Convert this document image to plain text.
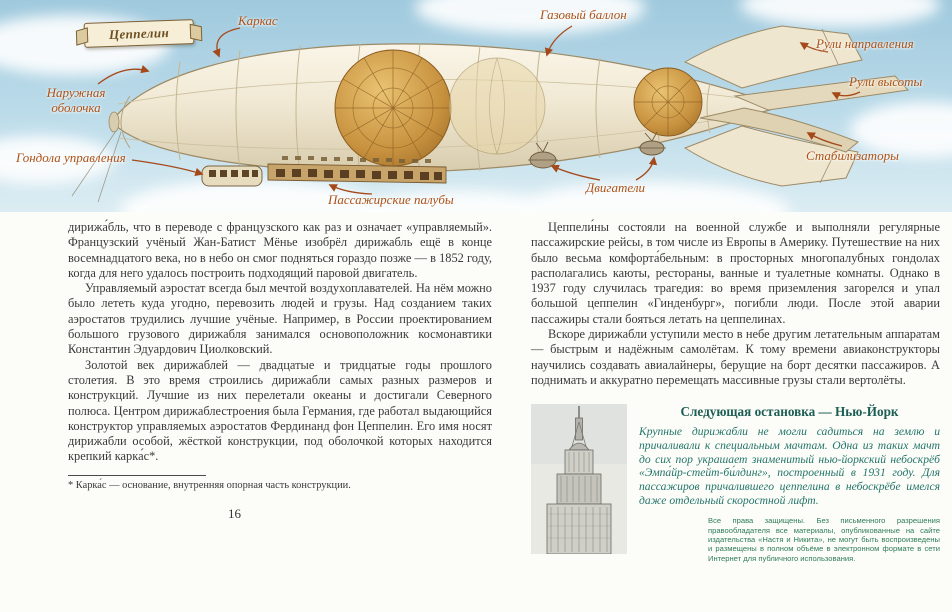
Цеппелин
Каркас	Газовый баллон
Рули направления
Рули высоты
Наружная оболочка
Гондола управления
Пассажирские палубы
Двигатели
Стабилизаторы

дирижа́бль, что в переводе с французского как раз и означает «управляемый». Французский учёный Жан-Батист Мёнье изобрёл дирижабль ещё в конце восемнадцатого века, но в небо он смог подняться гораздо позже — в 1852 году, когда для него удалось построить подходящий паровой двигатель.

Управляемый аэростат всегда был мечтой воздухоплавателей. На нём можно было лететь куда угодно, перевозить людей и грузы. Над созданием таких аэростатов трудились лучшие учёные. Например, в России проектированием большого грузового дирижабля занимался основоположник космонавтики Константин Эдуардович Циолковский.

Золотой век дирижаблей — двадцатые и тридцатые годы прошлого столетия. В это время строились дирижабли самых разных размеров и конструкций. Лучшие из них перелетали океаны и достигали Северного полюса. Центром дирижаблестроения была Германия, где работал выдающийся конструктор управляемых аэростатов Фердинанд фон Цеппелин. Его имя носят дирижабли особой, жёсткой конструкции, под оболочкой которых находится крепкий карка́с*.

* Карка́с — основание, внутренняя опорная часть конструкции.

16

Цеппели́ны состояли на военной службе и выполняли регулярные пассажирские рейсы, в том числе из Европы в Америку. Путешествие на них было весьма комфорта́бельным: в просторных многопалубных гондолах располагались каюты, рестораны, ванные и туалетные комнаты. Однако в 1937 году случилась трагедия: во время приземления загорелся и упал большой цеппелин «Гинденбург», погибли люди. После этой аварии пассажиры стали бояться летать на цеппелинах.

Вскоре дирижабли уступили место в небе другим летательным аппаратам — быстрым и надёжным самолётам. К тому времени авиаконструкторы научились создавать авиалайнеры, берущие на борт десятки пассажиров. А поднимать и аккуратно перемещать массивные грузы стали вертолёты.

Следующая остановка — Нью-Йорк

Крупные дирижабли не могли садиться на землю и причаливали к специальным мачтам. Одна из таких мачт до сих пор украшает знаменитый нью-йоркский небоскрёб «Эмпа́йр-стейт-би́лдинг», построенный в 1931 году. Для пассажиров причалившего цеппелина в небоскрёбе имелся даже отдельный скоростной лифт.

Все права защищены. Без письменного разрешения правообладателя все материалы, опубликованные на сайте издательства «Настя и Никита», не могут быть воспроизведены и размещены в полном объёме в электронном формате в сети Интернет для публичного использования.
